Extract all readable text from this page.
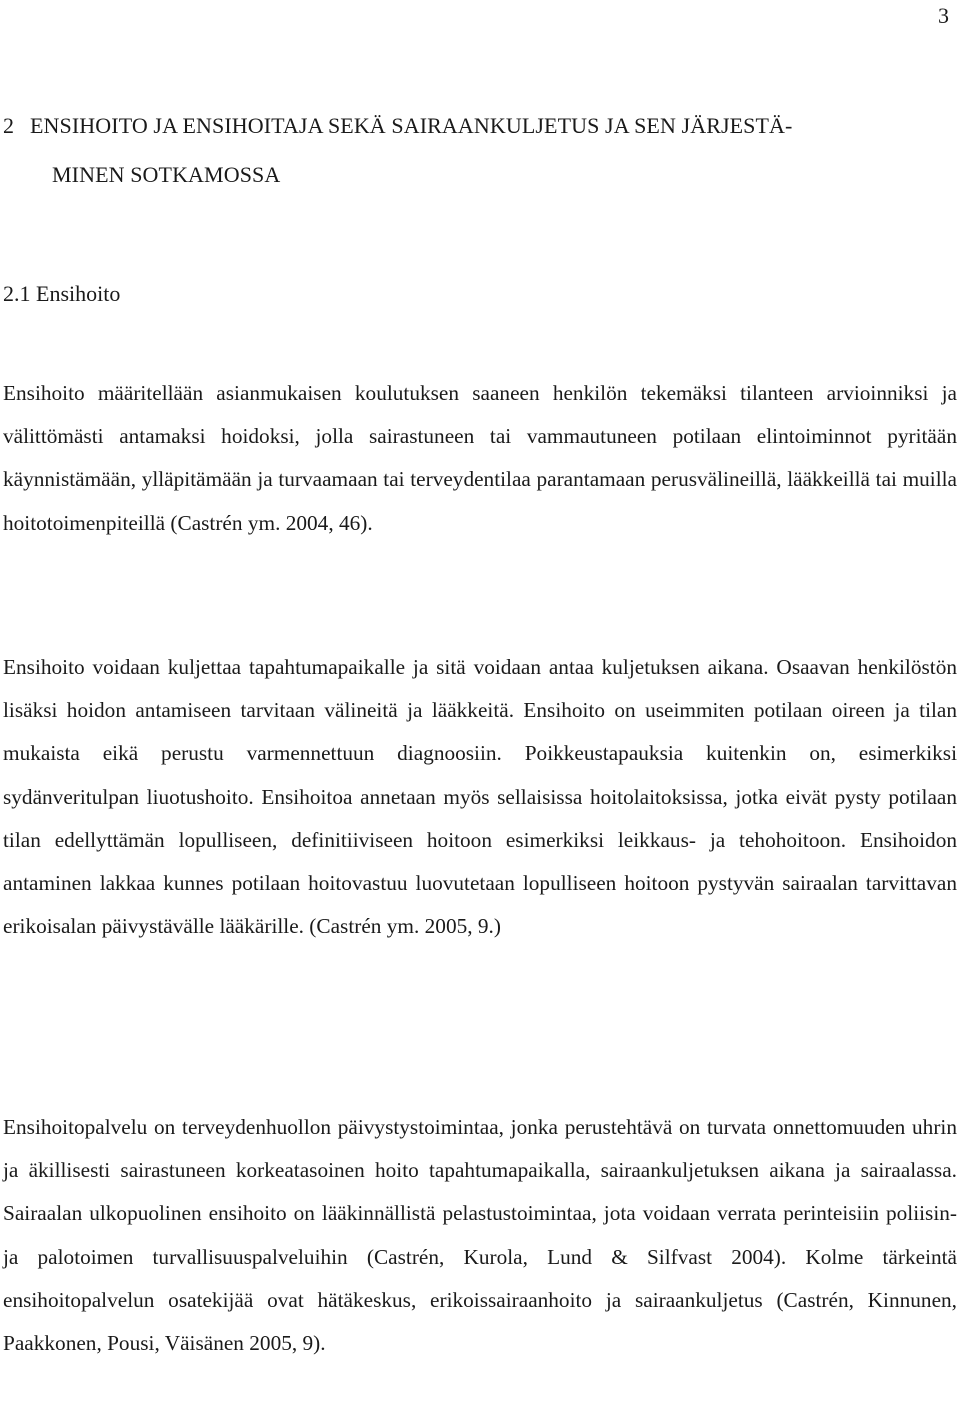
3
2 ENSIHOITO JA ENSIHOITAJA SEKÄ SAIRAANKULJETUS JA SEN JÄRJESTÄ-
MINEN SOTKAMOSSA
2.1 Ensihoito

Ensihoito määritellään asianmukaisen koulutuksen saaneen henkilön tekemäksi tilanteen arvioinniksi ja välittömästi antamaksi hoidoksi, jolla sairastuneen tai vammautuneen potilaan elintoiminnot pyritään käynnistämään, ylläpitämään ja turvaamaan tai terveydentilaa parantamaan perusvälineillä, lääkkeillä tai muilla hoitotoimenpiteillä (Castrén ym. 2004, 46).

Ensihoito voidaan kuljettaa tapahtumapaikalle ja sitä voidaan antaa kuljetuksen aikana. Osaavan henkilöstön lisäksi hoidon antamiseen tarvitaan välineitä ja lääkkeitä. Ensihoito on useimmiten potilaan oireen ja tilan mukaista eikä perustu varmennettuun diagnoosiin. Poikkeustapauksia kuitenkin on, esimerkiksi sydänveritulpan liuotushoito. Ensihoitoa annetaan myös sellaisissa hoitolaitoksissa, jotka eivät pysty potilaan tilan edellyttämän lopulliseen, definitiiviseen hoitoon esimerkiksi leikkaus- ja tehohoitoon. Ensihoidon antaminen lakkaa kunnes potilaan hoitovastuu luovutetaan lopulliseen hoitoon pystyvän sairaalan tarvittavan erikoisalan päivystävälle lääkärille. (Castrén ym. 2005, 9.)

Ensihoitopalvelu on terveydenhuollon päivystystoimintaa, jonka perustehtävä on turvata onnettomuuden uhrin ja äkillisesti sairastuneen korkeatasoinen hoito tapahtumapaikalla, sairaankuljetuksen aikana ja sairaalassa. Sairaalan ulkopuolinen ensihoito on lääkinnällistä pelastustoimintaa, jota voidaan verrata perinteisiin poliisin- ja palotoimen turvallisuuspalveluihin (Castrén, Kurola, Lund & Silfvast 2004). Kolme tärkeintä ensihoitopalvelun osatekijää ovat hätäkeskus, erikoissairaanhoito ja sairaankuljetus (Castrén, Kinnunen, Paakkonen, Pousi, Väisänen 2005, 9).
